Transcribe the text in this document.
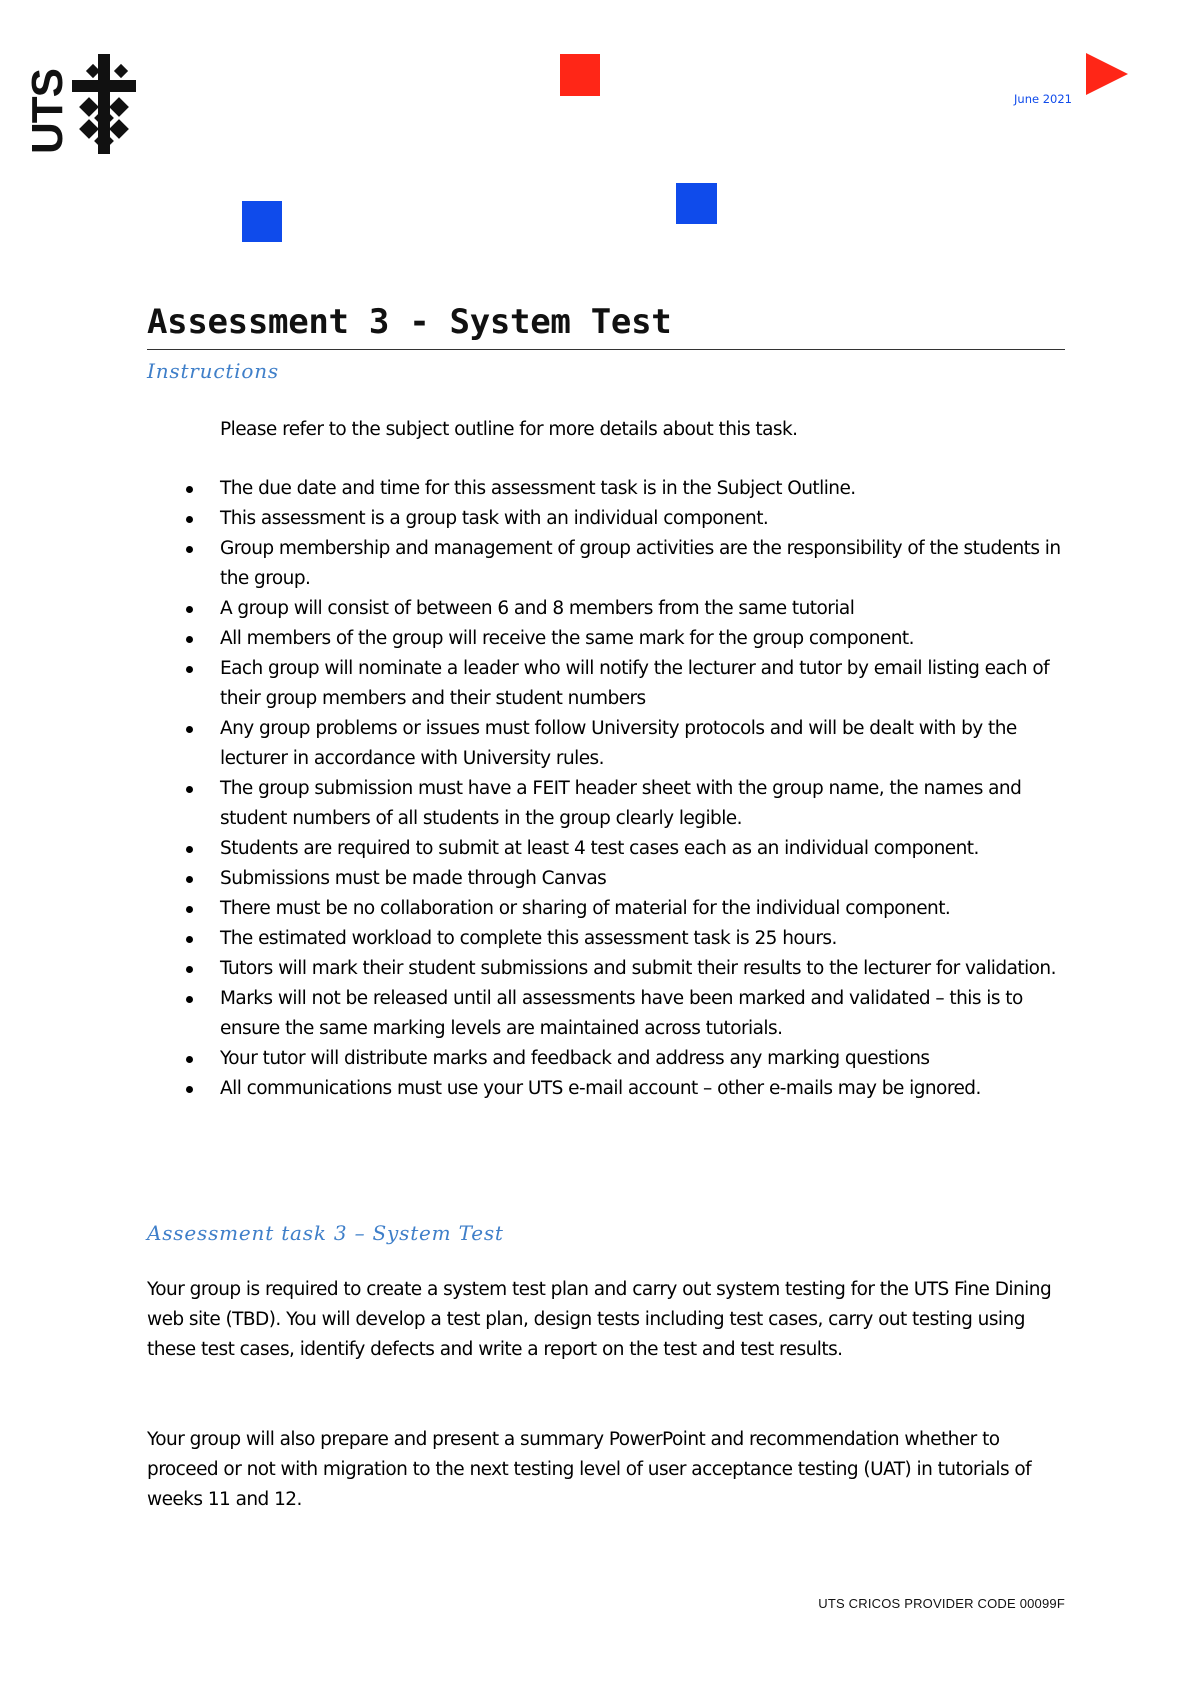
UTS	June 2021
Assessment 3 - System Test
Instructions

Please refer to the subject outline for more details about this task.

The due date and time for this assessment task is in the Subject Outline.
This assessment is a group task with an individual component.
Group membership and management of group activities are the responsibility of the students in the group.
A group will consist of between 6 and 8 members from the same tutorial
All members of the group will receive the same mark for the group component.
Each group will nominate a leader who will notify the lecturer and tutor by email listing each of their group members and their student numbers
Any group problems or issues must follow University protocols and will be dealt with by the lecturer in accordance with University rules.
The group submission must have a FEIT header sheet with the group name, the names and student numbers of all students in the group clearly legible.
Students are required to submit at least 4 test cases each as an individual component.
Submissions must be made through Canvas
There must be no collaboration or sharing of material for the individual component.
The estimated workload to complete this assessment task is 25 hours.
Tutors will mark their student submissions and submit their results to the lecturer for validation.
Marks will not be released until all assessments have been marked and validated – this is to ensure the same marking levels are maintained across tutorials.
Your tutor will distribute marks and feedback and address any marking questions
All communications must use your UTS e-mail account – other e-mails may be ignored.
Assessment task 3 – System Test

Your group is required to create a system test plan and carry out system testing for the UTS Fine Dining web site (TBD). You will develop a test plan, design tests including test cases, carry out testing using these test cases, identify defects and write a report on the test and test results.

Your group will also prepare and present a summary PowerPoint and recommendation whether to proceed or not with migration to the next testing level of user acceptance testing (UAT) in tutorials of weeks 11 and 12.

UTS CRICOS PROVIDER CODE 00099F
